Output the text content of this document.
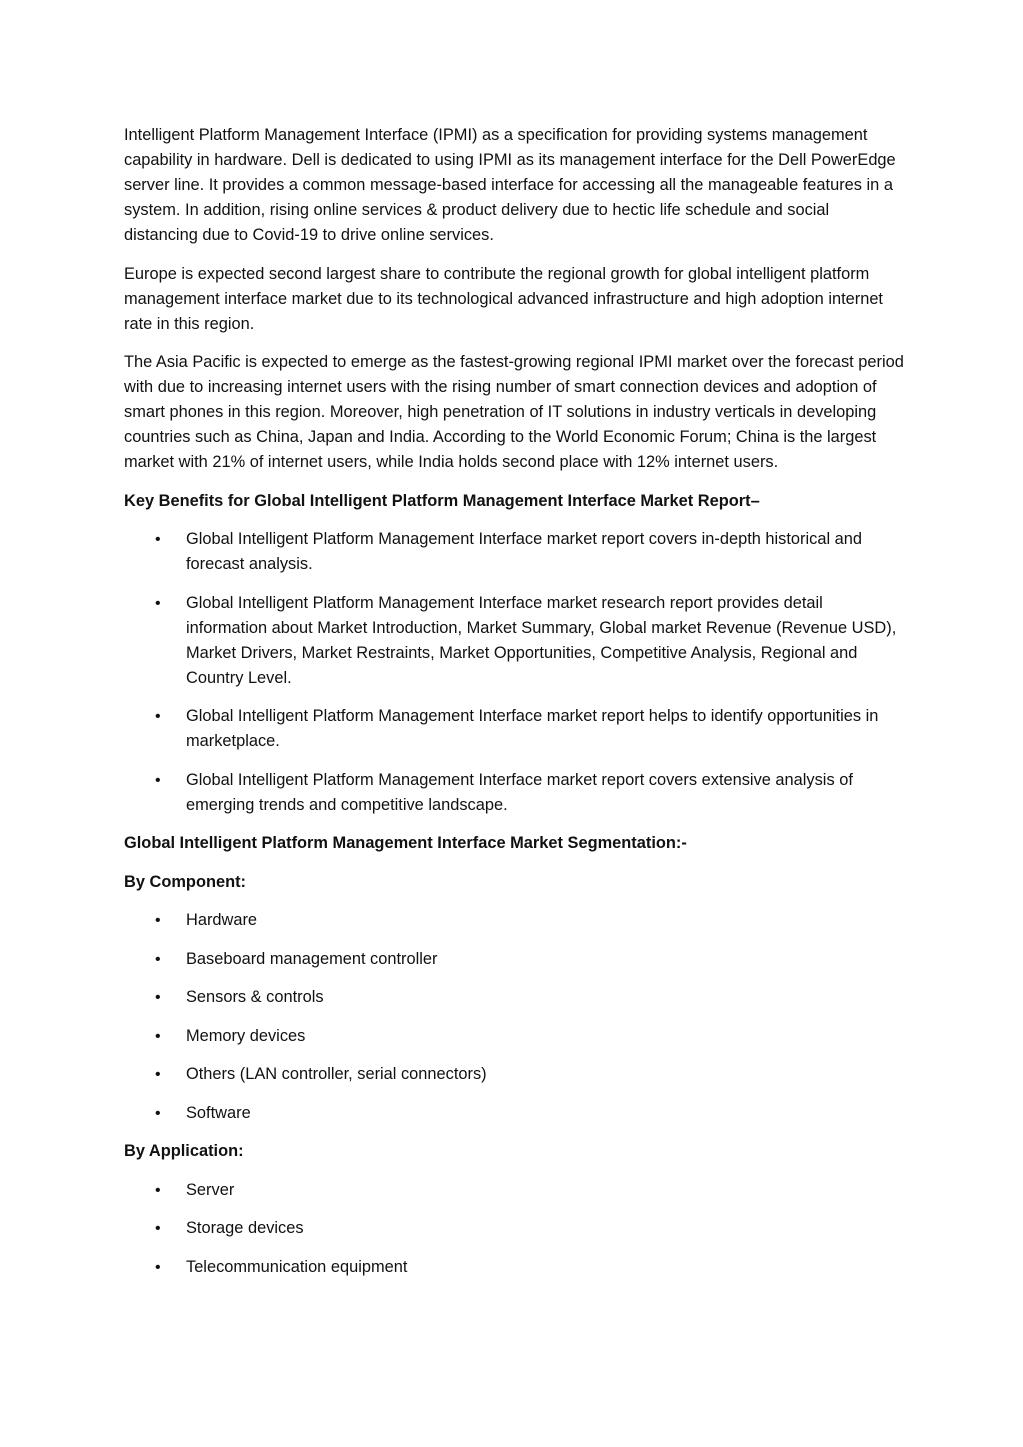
Intelligent Platform Management Interface (IPMI) as a specification for providing systems management capability in hardware. Dell is dedicated to using IPMI as its management interface for the Dell PowerEdge server line. It provides a common message-based interface for accessing all the manageable features in a system. In addition, rising online services & product delivery due to hectic life schedule and social distancing due to Covid-19 to drive online services.

Europe is expected second largest share to contribute the regional growth for global intelligent platform management interface market due to its technological advanced infrastructure and high adoption internet rate in this region.

The Asia Pacific is expected to emerge as the fastest-growing regional IPMI market over the forecast period with due to increasing internet users with the rising number of smart connection devices and adoption of smart phones in this region. Moreover, high penetration of IT solutions in industry verticals in developing countries such as China, Japan and India. According to the World Economic Forum; China is the largest market with 21% of internet users, while India holds second place with 12% internet users.

Key Benefits for Global Intelligent Platform Management Interface Market Report–
• Global Intelligent Platform Management Interface market report covers in-depth historical and forecast analysis.
• Global Intelligent Platform Management Interface market research report provides detail information about Market Introduction, Market Summary, Global market Revenue (Revenue USD), Market Drivers, Market Restraints, Market Opportunities, Competitive Analysis, Regional and Country Level.
• Global Intelligent Platform Management Interface market report helps to identify opportunities in marketplace.
• Global Intelligent Platform Management Interface market report covers extensive analysis of emerging trends and competitive landscape.
Global Intelligent Platform Management Interface Market Segmentation:-
By Component:
• Hardware
• Baseboard management controller
• Sensors & controls
• Memory devices
• Others (LAN controller, serial connectors)
• Software
By Application:
• Server
• Storage devices
• Telecommunication equipment
